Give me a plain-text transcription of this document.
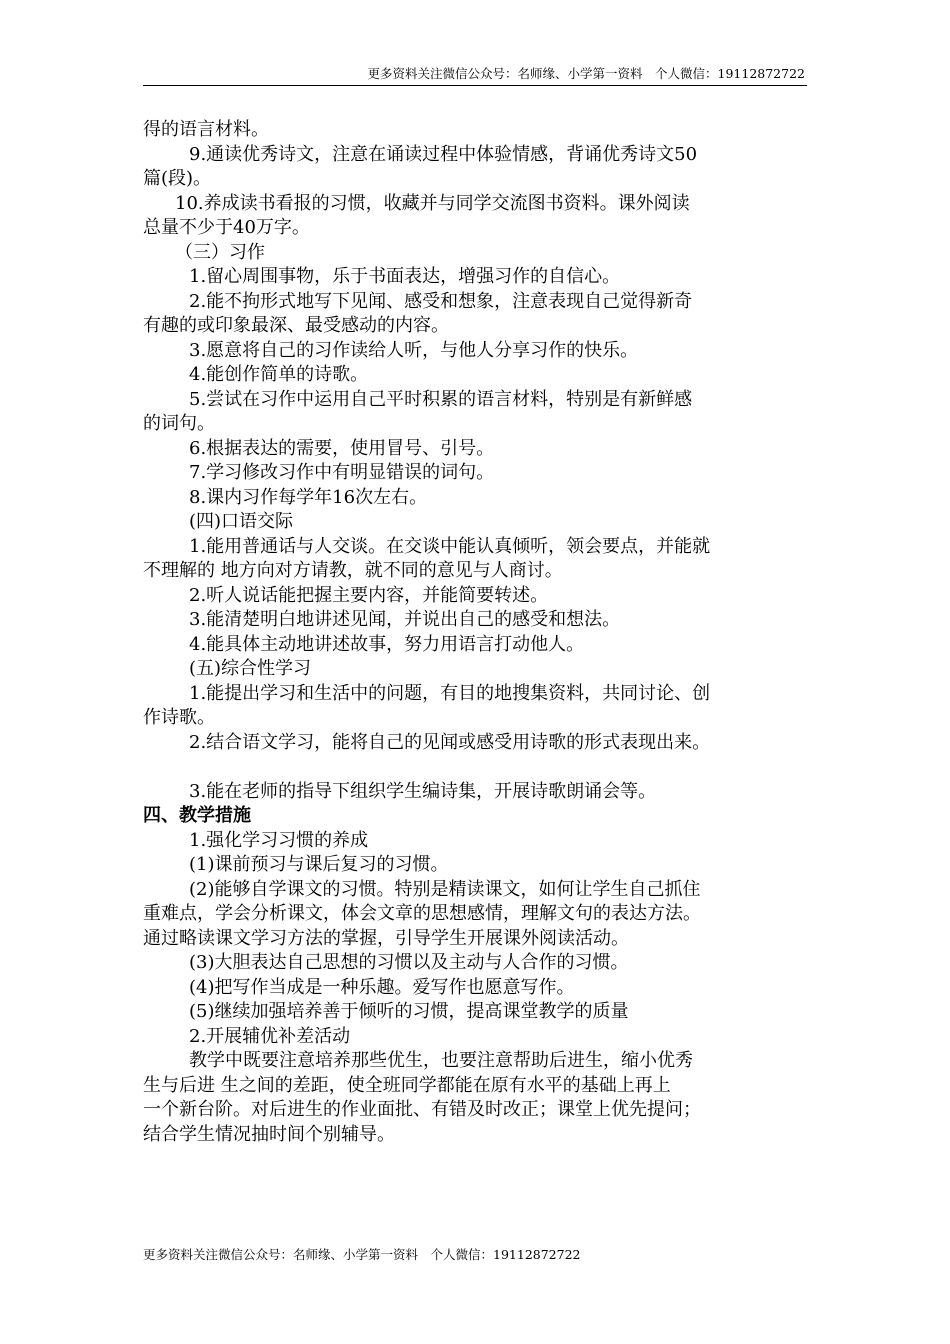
更多资料关注微信公众号：名师缘、小学第一资料　个人微信：19112872722

得的语言材料。

9.通读优秀诗文，注意在诵读过程中体验情感，背诵优秀诗文50

篇(段)。

10.养成读书看报的习惯，收藏并与同学交流图书资料。课外阅读

总量不少于40万字。

（三）习作

1.留心周围事物，乐于书面表达，增强习作的自信心。

2.能不拘形式地写下见闻、感受和想象，注意表现自己觉得新奇

有趣的或印象最深、最受感动的内容。

3.愿意将自己的习作读给人听，与他人分享习作的快乐。

4.能创作简单的诗歌。

5.尝试在习作中运用自己平时积累的语言材料，特别是有新鲜感

的词句。

6.根据表达的需要，使用冒号、引号。

7.学习修改习作中有明显错误的词句。

8.课内习作每学年16次左右。

(四)口语交际

1.能用普通话与人交谈。在交谈中能认真倾听，领会要点，并能就

不理解的 地方向对方请教，就不同的意见与人商讨。

2.听人说话能把握主要内容，并能简要转述。

3.能清楚明白地讲述见闻，并说出自己的感受和想法。

4.能具体主动地讲述故事，努力用语言打动他人。

(五)综合性学习

1.能提出学习和生活中的问题，有目的地搜集资料，共同讨论、创

作诗歌。

2.结合语文学习，能将自己的见闻或感受用诗歌的形式表现出来。

3.能在老师的指导下组织学生编诗集，开展诗歌朗诵会等。

四、教学措施

1.强化学习习惯的养成

(1)课前预习与课后复习的习惯。

(2)能够自学课文的习惯。特别是精读课文，如何让学生自己抓住

重难点，学会分析课文，体会文章的思想感情，理解文句的表达方法。

通过略读课文学习方法的掌握，引导学生开展课外阅读活动。

(3)大胆表达自己思想的习惯以及主动与人合作的习惯。

(4)把写作当成是一种乐趣。爱写作也愿意写作。

(5)继续加强培养善于倾听的习惯，提高课堂教学的质量

2.开展辅优补差活动

教学中既要注意培养那些优生，也要注意帮助后进生，缩小优秀

生与后进 生之间的差距，使全班同学都能在原有水平的基础上再上

一个新台阶。对后进生的作业面批、有错及时改正；课堂上优先提问；

结合学生情况抽时间个别辅导。

更多资料关注微信公众号：名师缘、小学第一资料　个人微信：19112872722
